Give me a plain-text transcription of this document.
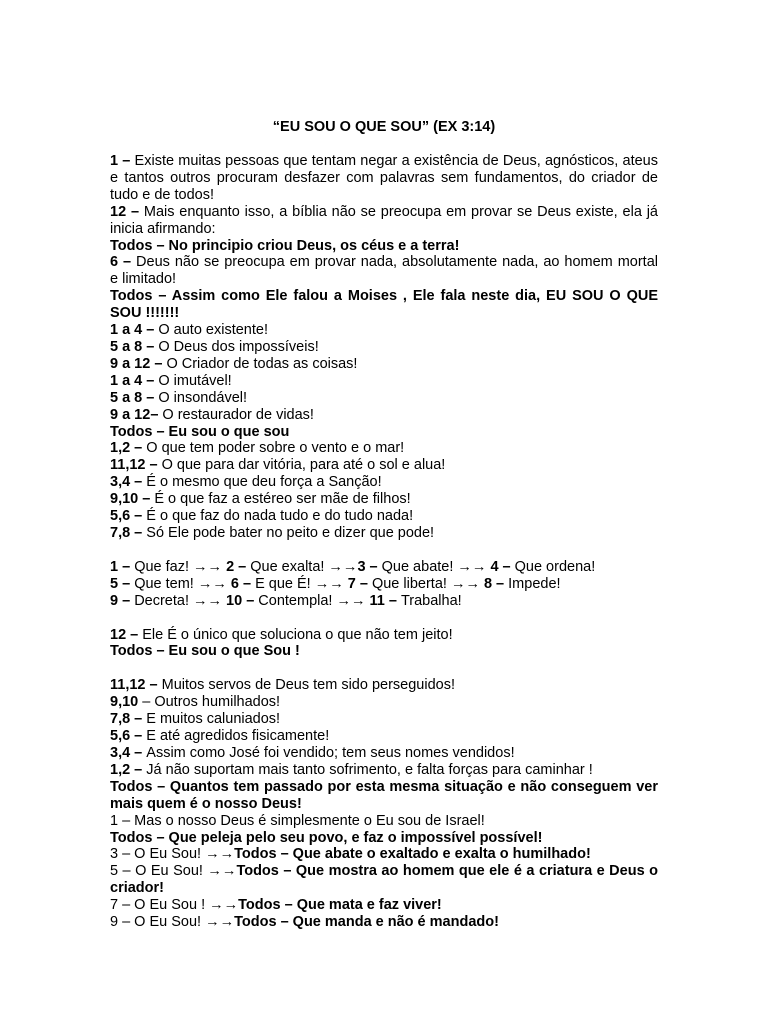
“EU SOU O QUE SOU” (EX 3:14)

1 – Existe muitas pessoas que tentam negar a existência de Deus, agnósticos, ateus e tantos outros procuram desfazer com palavras sem fundamentos, do criador de tudo e de todos!

12 – Mais enquanto isso, a bíblia não se preocupa em provar se Deus existe, ela já inicia afirmando:

Todos – No principio criou Deus, os céus e a terra!

6 – Deus não se preocupa em provar nada, absolutamente nada, ao homem mortal e limitado!

Todos – Assim como Ele falou a Moises , Ele fala neste dia, EU SOU O QUE SOU !!!!!!!

1 a 4 – O auto existente!

5 a 8 – O Deus dos impossíveis!

9 a 12 – O Criador de todas as coisas!

1 a 4 – O imutável!

5 a 8 – O insondável!

9 a 12– O restaurador de vidas!

Todos – Eu sou o que sou

1,2 – O que tem poder sobre o vento e o mar!

11,12 – O que para dar vitória, para até o sol e alua!

3,4 – É o mesmo que deu força a Sanção!

9,10 – É o que faz a estéreo ser mãe de filhos!

5,6 – É o que faz do nada tudo e do tudo nada!

7,8 – Só Ele pode bater no peito e dizer que pode!

1 – Que faz! →→ 2 – Que exalta! →→3 – Que abate! →→ 4 – Que ordena!

5 – Que tem! →→ 6 – E que É! →→ 7 – Que liberta! →→ 8 – Impede!

9 – Decreta! →→ 10 – Contempla! →→ 11 – Trabalha!

12 – Ele É o único que soluciona o que não tem jeito!

Todos – Eu sou o que Sou !

11,12 – Muitos servos de Deus tem sido perseguidos!

9,10 – Outros humilhados!

7,8 – E muitos caluniados!

5,6 – E até agredidos fisicamente!

3,4 – Assim como José foi vendido; tem seus nomes vendidos!

1,2 – Já não suportam mais tanto sofrimento, e falta forças para caminhar !

Todos – Quantos tem passado por esta mesma situação e não conseguem ver mais quem é o nosso Deus!

1 – Mas o nosso Deus é simplesmente o Eu sou de Israel!

Todos – Que peleja pelo seu povo, e faz o impossível possível!

3 – O Eu Sou! →→Todos – Que abate o exaltado e exalta o humilhado!

5 – O Eu Sou! →→Todos – Que mostra ao homem que ele é a criatura e Deus o criador!

7 – O Eu Sou ! →→Todos – Que mata e faz viver!

9 – O Eu Sou! →→Todos – Que manda e não é mandado!
